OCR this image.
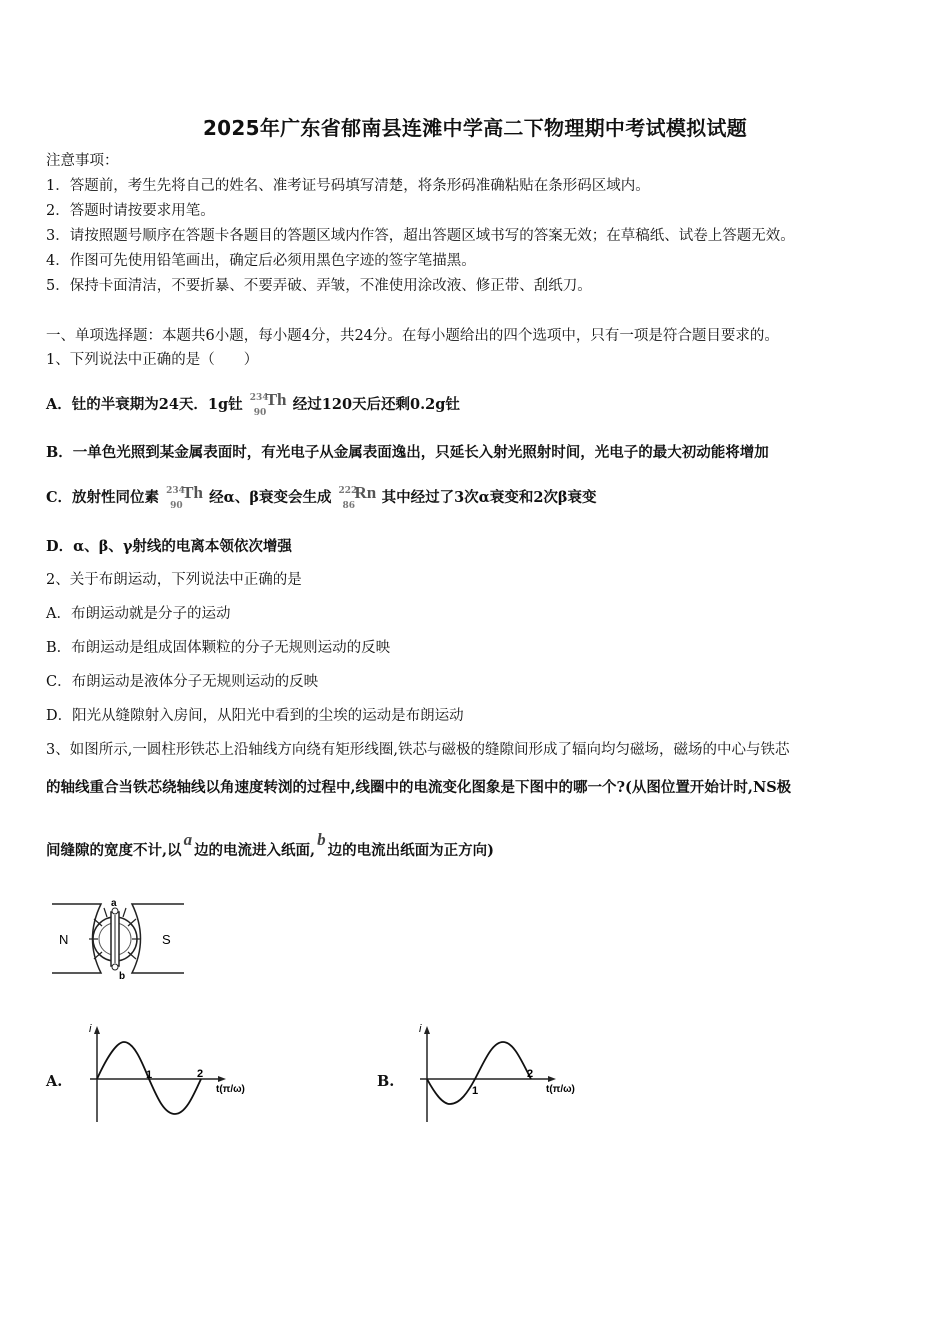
2025年广东省郁南县连滩中学高二下物理期中考试模拟试题
注意事项：
1．答题前，考生先将自己的姓名、准考证号码填写清楚，将条形码准确粘贴在条形码区域内。
2．答题时请按要求用笔。
3．请按照题号顺序在答题卡各题目的答题区域内作答，超出答题区域书写的答案无效；在草稿纸、试卷上答题无效。
4．作图可先使用铅笔画出，确定后必须用黑色字迹的签字笔描黑。
5．保持卡面清洁，不要折暴、不要弄破、弄皱，不准使用涂改液、修正带、刮纸刀。
一、单项选择题：本题共6小题，每小题4分，共24分。在每小题给出的四个选项中，只有一项是符合题目要求的。
1、下列说法中正确的是（　　）
A．钍的半衰期为24天．1g钍 234
90
Th 经过120天后还剩0.2g钍
B．一单色光照到某金属表面时，有光电子从金属表面逸出，只延长入射光照射时间，光电子的最大初动能将增加
C．放射性同位素 234
90
Th 经α、β衰变会生成 222
86
Rn 其中经过了3次α衰变和2次β衰变
D．α、β、γ射线的电离本领依次增强
2、关于布朗运动，下列说法中正确的是
A．布朗运动就是分子的运动
B．布朗运动是组成固体颗粒的分子无规则运动的反映
C．布朗运动是液体分子无规则运动的反映
D．阳光从缝隙射入房间，从阳光中看到的尘埃的运动是布朗运动
3、如图所示,一圆柱形铁芯上沿轴线方向绕有矩形线圈,铁芯与磁极的缝隙间形成了辐向均匀磁场，磁场的中心与铁芯
的轴线重合当铁芯绕轴线以角速度转浏的过程中,线圈中的电流变化图象是下图中的哪一个?(从图位置开始计时,NS极
间缝隙的宽度不计,以a边的电流进入纸面,b边的电流出纸面为正方向)
N	S
a
b
A.
i
1	2
t(π/ω)	B.
i
1
2
t(π/ω)
